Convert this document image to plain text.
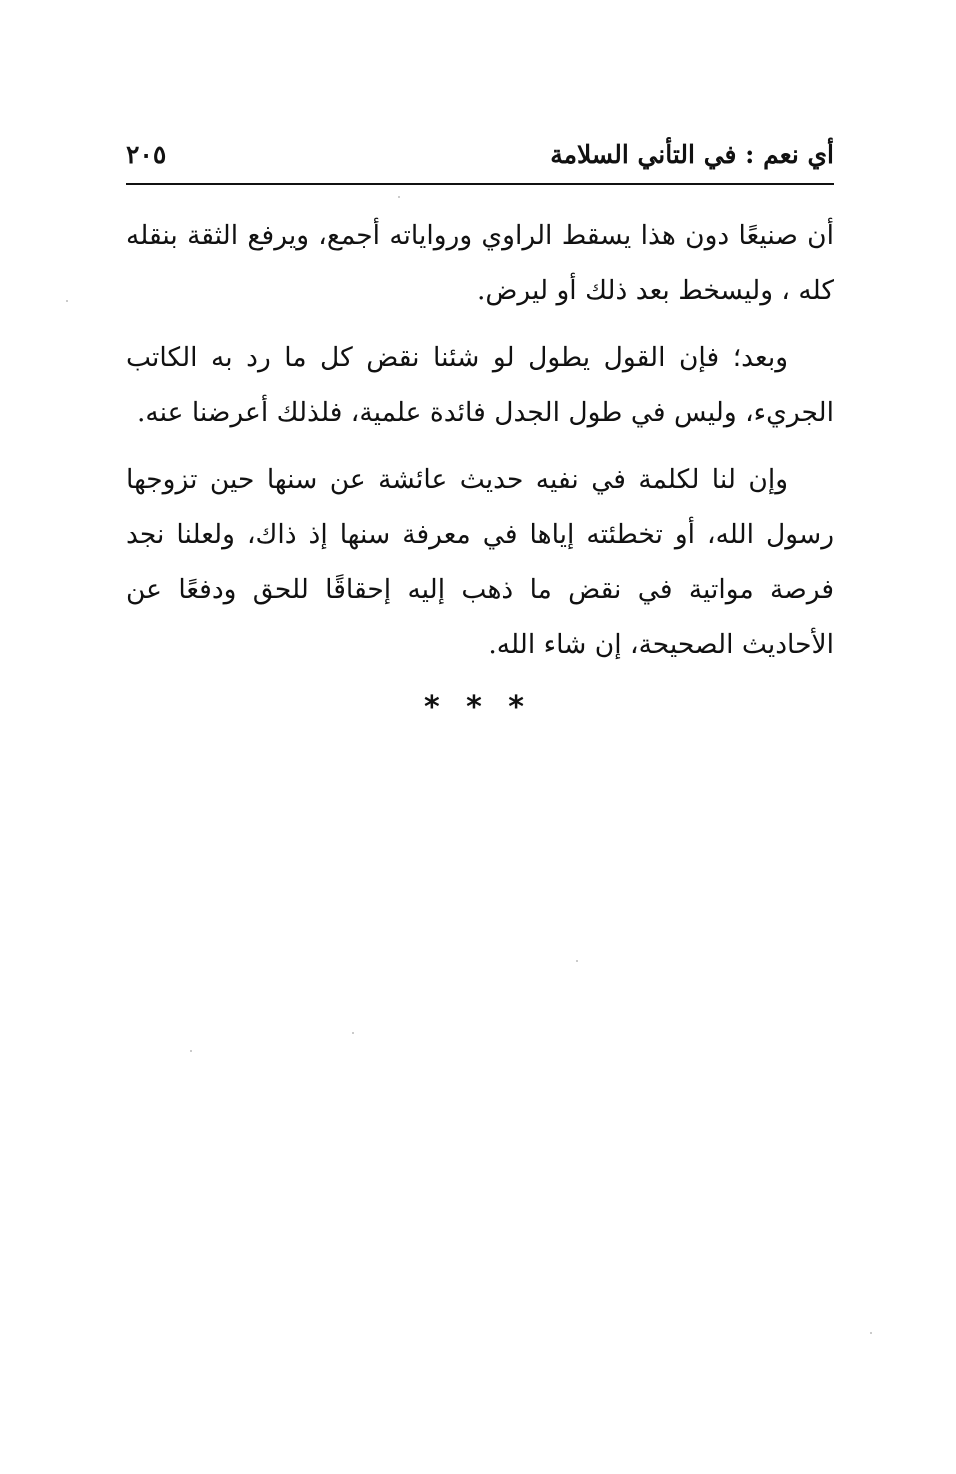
أي نعم : في التأني السلامة
٢٠٥

أن صنيعًا دون هذا يسقط الراوي ورواياته أجمع، ويرفع الثقة بنقله كله ، وليسخط بعد ذلك أو ليرض.

وبعد؛ فإن القول يطول لو شئنا نقض كل ما رد به الكاتب الجريء، وليس في طول الجدل فائدة علمية، فلذلك أعرضنا عنه.

وإن لنا لكلمة في نفيه حديث عائشة عن سنها حين تزوجها رسول الله، أو تخطئته إياها في معرفة سنها إذ ذاك، ولعلنا نجد فرصة مواتية في نقض ما ذهب إليه إحقاقًا للحق ودفعًا عن الأحاديث الصحيحة، إن شاء الله.

* * *
